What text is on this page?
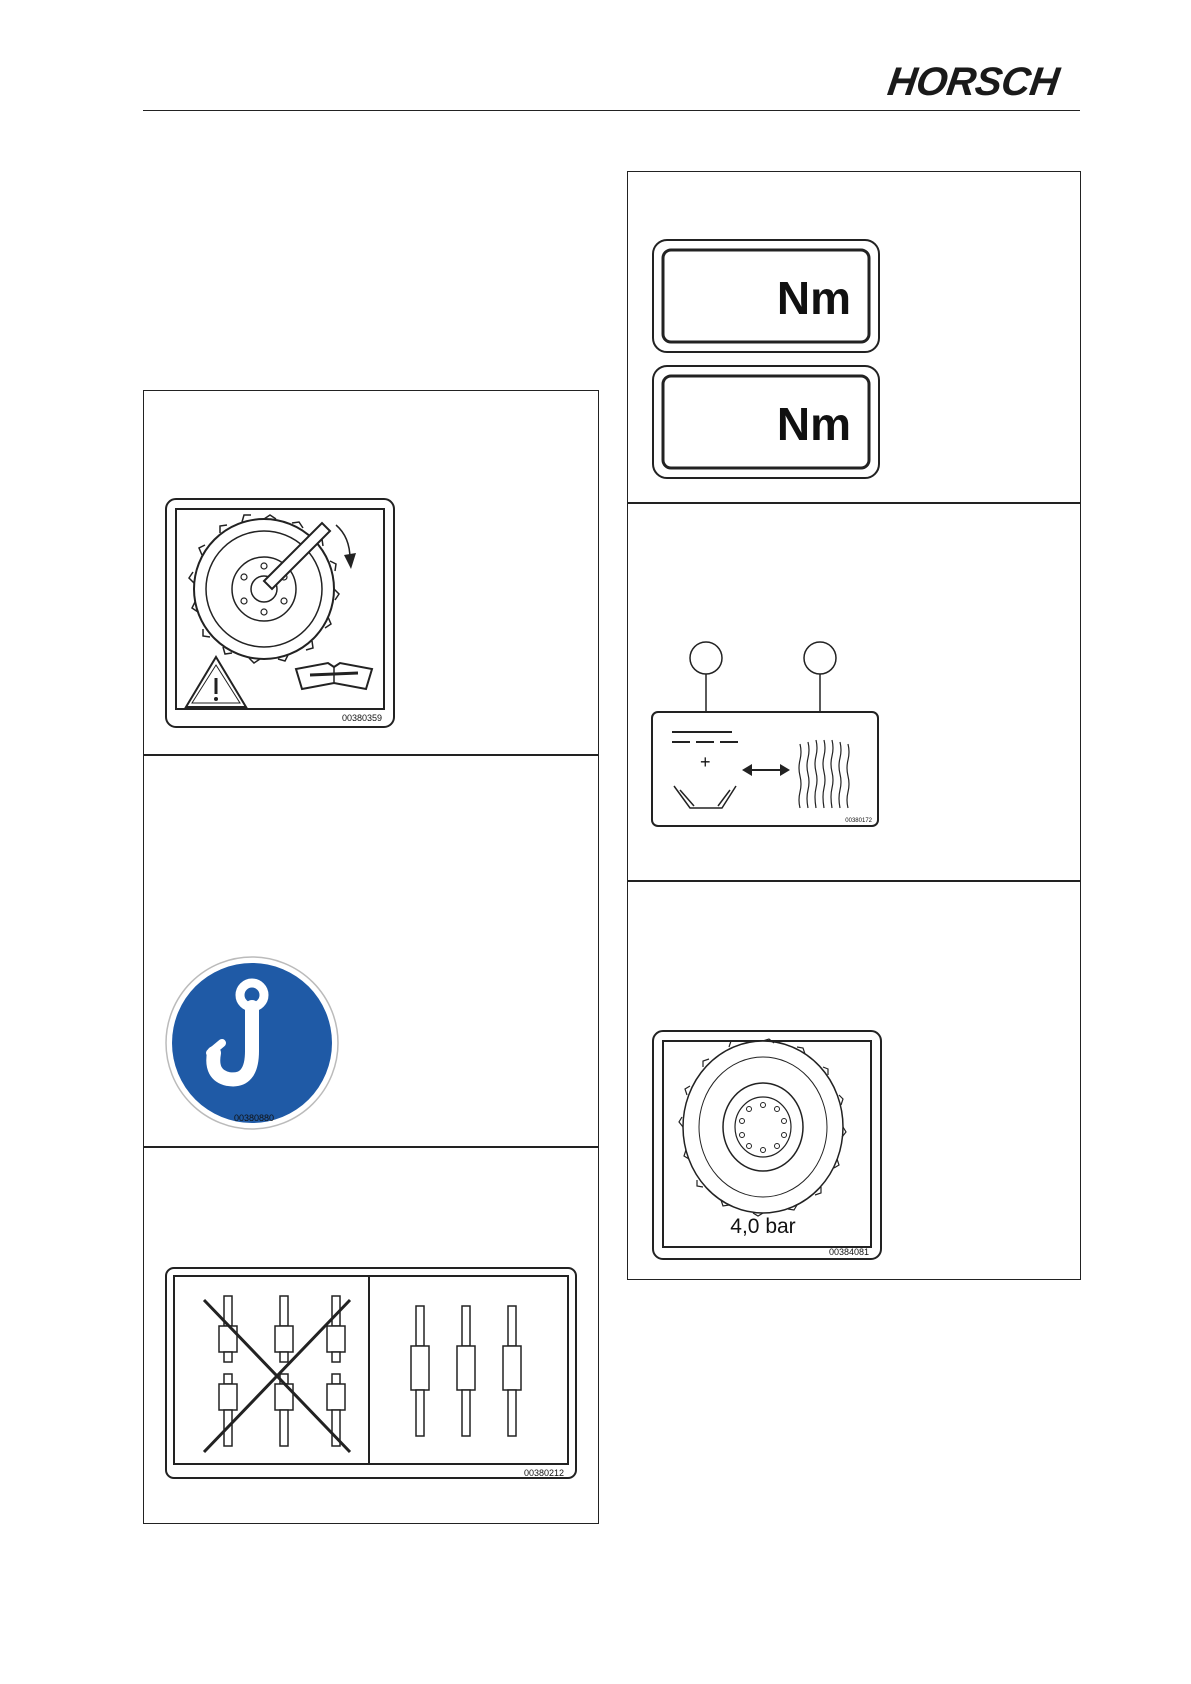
HORSCH
00380359
00380880
00380212
Nm
Nm
+
00380172
4,0 bar
00384081
